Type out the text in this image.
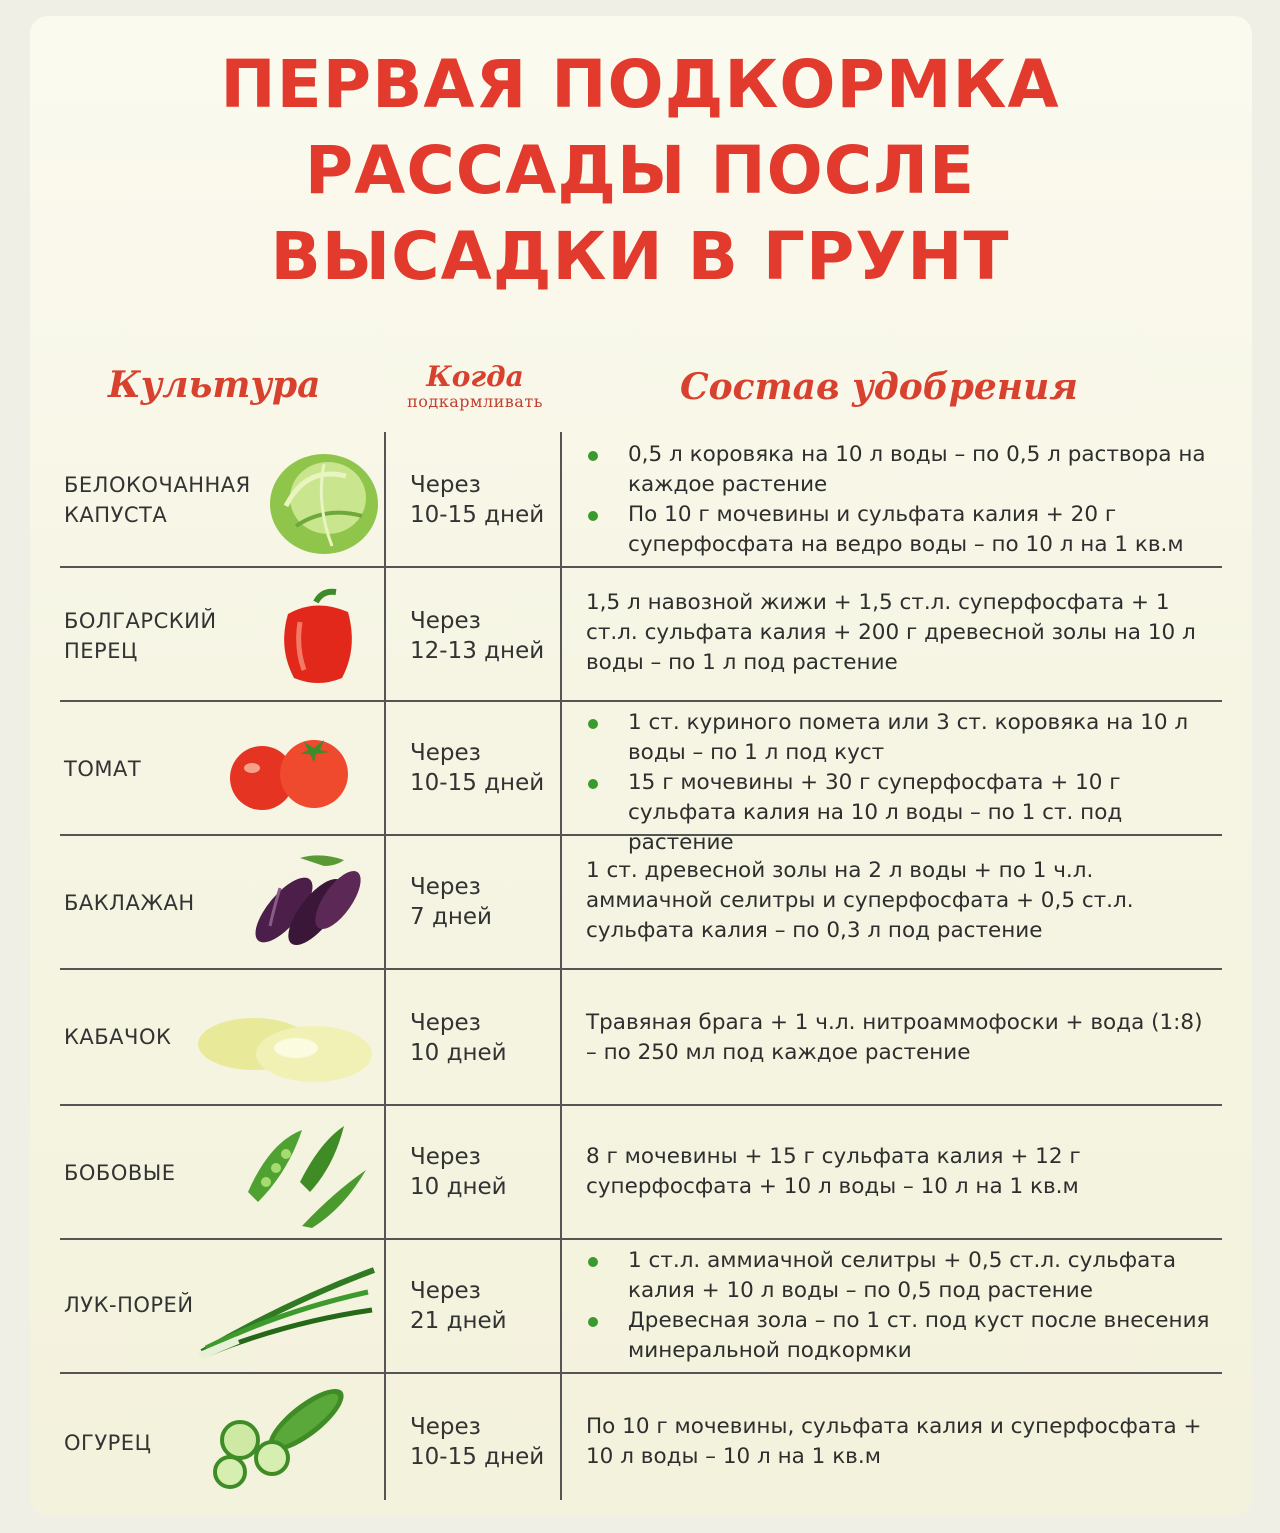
ПЕРВАЯ ПОДКОРМКА
РАССАДЫ ПОСЛЕ
ВЫСАДКИ В ГРУНТ
Культура	Когда
подкармливать	Состав удобрения
БЕЛОКОЧАННАЯ
КАПУСТА
Через
10-15 дней
0,5 л коровяка на 10 л воды – по 0,5 л раствора на каждое растение
По 10 г мочевины и сульфата калия + 20 г суперфосфата на ведро воды – по 10 л на 1 кв.м
БОЛГАРСКИЙ
ПЕРЕЦ
Через
12-13 дней

1,5 л навозной жижи + 1,5 ст.л. суперфосфата + 1 ст.л. сульфата калия + 200 г древесной золы на 10 л воды – по 1 л под растение

ТОМАТ
Через
10-15 дней
1 ст. куриного помета или 3 ст. коровяка на 10 л воды – по 1 л под куст
15 г мочевины + 30 г суперфосфата + 10 г сульфата калия на 10 л воды – по 1 ст. под растение
БАКЛАЖАН
Через
7 дней

1 ст. древесной золы на 2 л воды + по 1 ч.л. аммиачной селитры и суперфосфата + 0,5 ст.л. сульфата калия – по 0,3 л под растение

КАБАЧОК
Через
10 дней

Травяная брага + 1 ч.л. нитроаммофоски + вода (1:8) – по 250 мл под каждое растение

БОБОВЫЕ
Через
10 дней

8 г мочевины + 15 г сульфата калия + 12 г суперфосфата + 10 л воды – 10 л на 1 кв.м

ЛУК-ПОРЕЙ
Через
21 дней
1 ст.л. аммиачной селитры + 0,5 ст.л. сульфата калия + 10 л воды – по 0,5 под растение
Древесная зола – по 1 ст. под куст после внесения минеральной подкормки
ОГУРЕЦ
Через
10-15 дней

По 10 г мочевины, сульфата калия и суперфосфата + 10 л воды – 10 л на 1 кв.м
